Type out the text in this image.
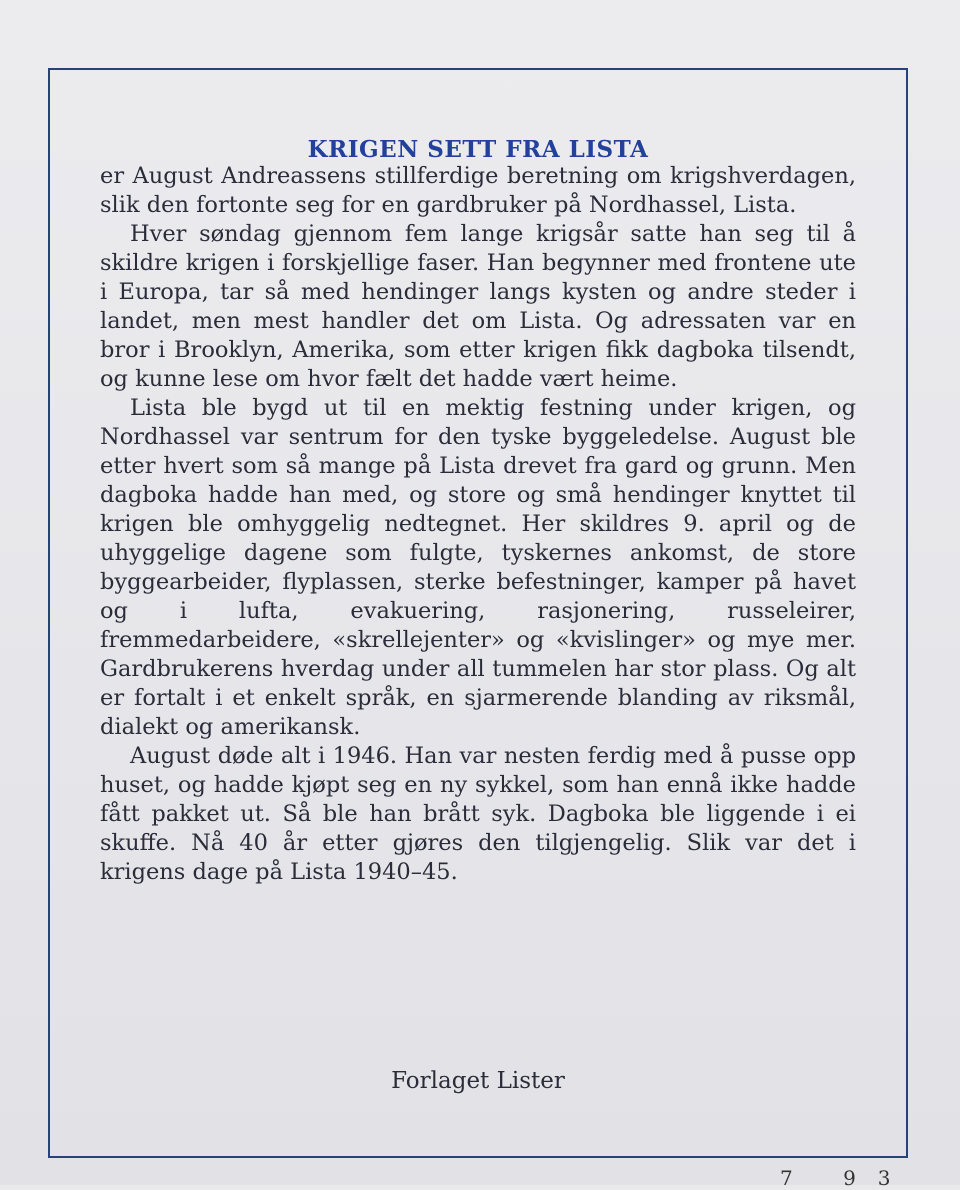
KRIGEN SETT FRA LISTA

er August Andreassens stillferdige beretning om krigshverdagen, slik den fortonte seg for en gardbruker på Nordhassel, Lista.

Hver søndag gjennom fem lange krigsår satte han seg til å skildre krigen i forskjellige faser. Han begynner med frontene ute i Europa, tar så med hendinger langs kysten og andre steder i landet, men mest handler det om Lista. Og adressaten var en bror i Brooklyn, Amerika, som etter krigen fikk dagboka tilsendt, og kunne lese om hvor fælt det hadde vært heime.

Lista ble bygd ut til en mektig festning under krigen, og Nordhassel var sentrum for den tyske byggeledelse. August ble etter hvert som så mange på Lista drevet fra gard og grunn. Men dagboka hadde han med, og store og små hendinger knyttet til krigen ble omhyggelig nedtegnet. Her skildres 9. april og de uhyggelige dagene som fulgte, tyskernes ankomst, de store byggearbeider, flyplassen, sterke befestninger, kamper på havet og i lufta, evakuering, rasjonering, russeleirer, fremmedarbeidere, «skrellejenter» og «kvislinger» og mye mer. Gardbrukerens hverdag under all tummelen har stor plass. Og alt er fortalt i et enkelt språk, en sjarmerende blanding av riksmål, dialekt og amerikansk.

August døde alt i 1946. Han var nesten ferdig med å pusse opp huset, og hadde kjøpt seg en ny sykkel, som han ennå ikke hadde fått pakket ut. Så ble han brått syk. Dagboka ble liggende i ei skuffe. Nå 40 år etter gjøres den tilgjengelig. Slik var det i krigens dage på Lista 1940–45.

Forlaget Lister
7 93
